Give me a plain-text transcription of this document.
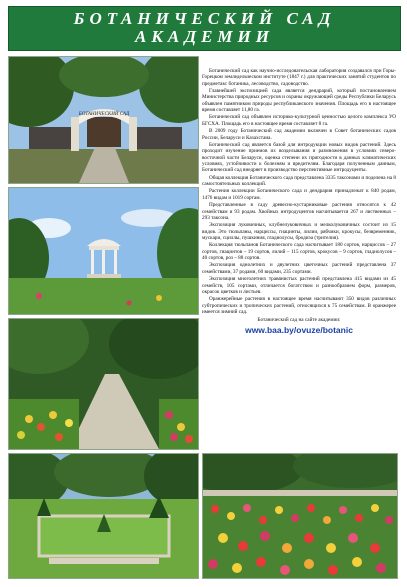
БОТАНИЧЕСКИЙ САД
АКАДЕМИИ
БОТАНИЧЕСКИЙ САД

Ботанический сад как научно-исследовательская лаборатория создавался при Горы-Горецком земледельческом институте (1847 г.) для практических занятий студентов по предметам: ботаника, лесоводство, садоводство.

Главнейшей экспозицией сада является дендрарий, который постановлением Министерства природных ресурсов и охраны окружающей среды Республики Беларусь объявлен памятником природы республиканского значения. Площадь его в настоящее время составляет 11,80 га.

Ботанический сад объявлен историко-культурной ценностью целого комплекса УО БГСХА. Площадь его в настоящее время составляет 8 га.

В 2009 году Ботанический сад академии включен в Совет ботанических садов России, Беларуси и Казахстана.

Ботанический сад является базой для интродукции новых видов растений. Здесь проходит изучение приемов их возделывания и размножения в условиях северо-восточной части Беларуси, оценка степени их пригодности в данных климатических условиях, устойчивости к болезням и вредителям. Благодаря полученным данным, Ботанический сад внедряет в производство перспективные интродуценты.

Общая коллекция Ботанического сада представлена 3335 таксонами и поделена на 8 самостоятельных коллекций.

Растения коллекции Ботанического сада и дендрария принадлежат к 840 родам, 1476 видам и 1019 сортам.

Представленные в саду древесно-кустарниковые растения относятся к 42 семействам и 93 родам. Хвойных интродуцентов насчитывается 267 и лиственных – 293 таксона.

Экспозиция луковичных, клубнелуковичных и мелколуковичных состоит из 15 видов. Это тюльпаны, нарциссы, гиацинты, лилии, рябчики, крокусы, безвременник, мускари, сциллы, пушкиния, гладиолусы, бродиэа (трителия).

Коллекция тюльпанов Ботанического сада насчитывает 180 сортов, нарциссов – 27 сортов, гиацинтов – 19 сортов, лилий – 115 сортов, крокусов – 9 сортов, гладиолусов – 40 сортов, роз – 88 сортов.

Экспозиция однолетних и двулетних цветочных растений представлена 37 семействами, 37 родами, 60 видами, 235 сортами.

Экспозиция многолетних травянистых растений представлена 415 видами из 45 семейств, 105 сортами, отличается богатством и разнообразием форм, размеров, окрасок цветков и листьев.

Оранжерейные растения в настоящее время насчитывают 350 видов различных субтропических и тропических растений, относящихся к 75 семействам. В оранжерее имеется зимний сад.

Ботанический сад на сайте академии:

www.baa.by/ovuze/botanic
